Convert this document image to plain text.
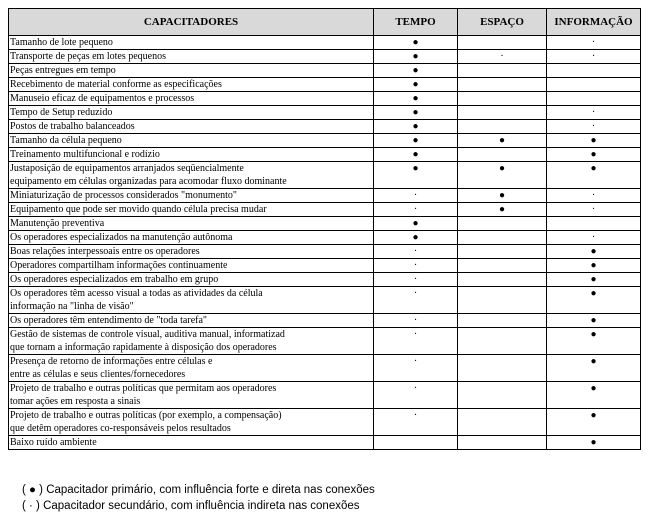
CAPACITADORES	TEMPO	ESPAÇO	INFORMAÇÃO

Tamanho de lote pequeno	●		·

Transporte de peças em lotes pequenos	●	·	·

Peças entregues em tempo	●		

Recebimento de material conforme as especificações	●		

Manuseio eficaz de equipamentos e processos	●		

Tempo de Setup reduzido	●		·

Postos de trabalho balanceados	●		·

Tamanho da célula pequeno	●	●	●

Treinamento multifuncional e rodízio	●		●

Justaposição de equipamentos arranjados seqüencialmente
equipamento em células organizadas para acomodar fluxo dominante	●	●	●

Miniaturização de processos considerados "monumento"	·	●	·

Equipamento que pode ser movido quando célula precisa mudar	·	●	·

Manutenção preventiva	●		

Os operadores especializados na manutenção autônoma	●		·

Boas relações interpessoais entre os operadores	·		●

Operadores compartilham informações continuamente	·		●

Os operadores especializados em trabalho em grupo	·		●

Os operadores têm acesso visual a todas as atividades da célula
informação na "linha de visão"	·		●

Os operadores têm entendimento de "toda tarefa"	·		●

Gestão de sistemas de controle visual, auditiva manual, informatizad
que tornam a informação rapidamente à disposição dos operadores	·		●

Presença de retorno de informações entre células e
entre as células e seus clientes/fornecedores	·		●

Projeto de trabalho e outras políticas que permitam aos operadores
tomar ações em resposta a sinais	·		●

Projeto de trabalho e outras políticas (por exemplo, a compensação)
que detêm operadores co-responsáveis pelos resultados	·		●

Baixo ruído ambiente			●
( ● ) Capacitador primário, com influência forte e direta nas conexões
( · ) Capacitador secundário, com influência indireta nas conexões
